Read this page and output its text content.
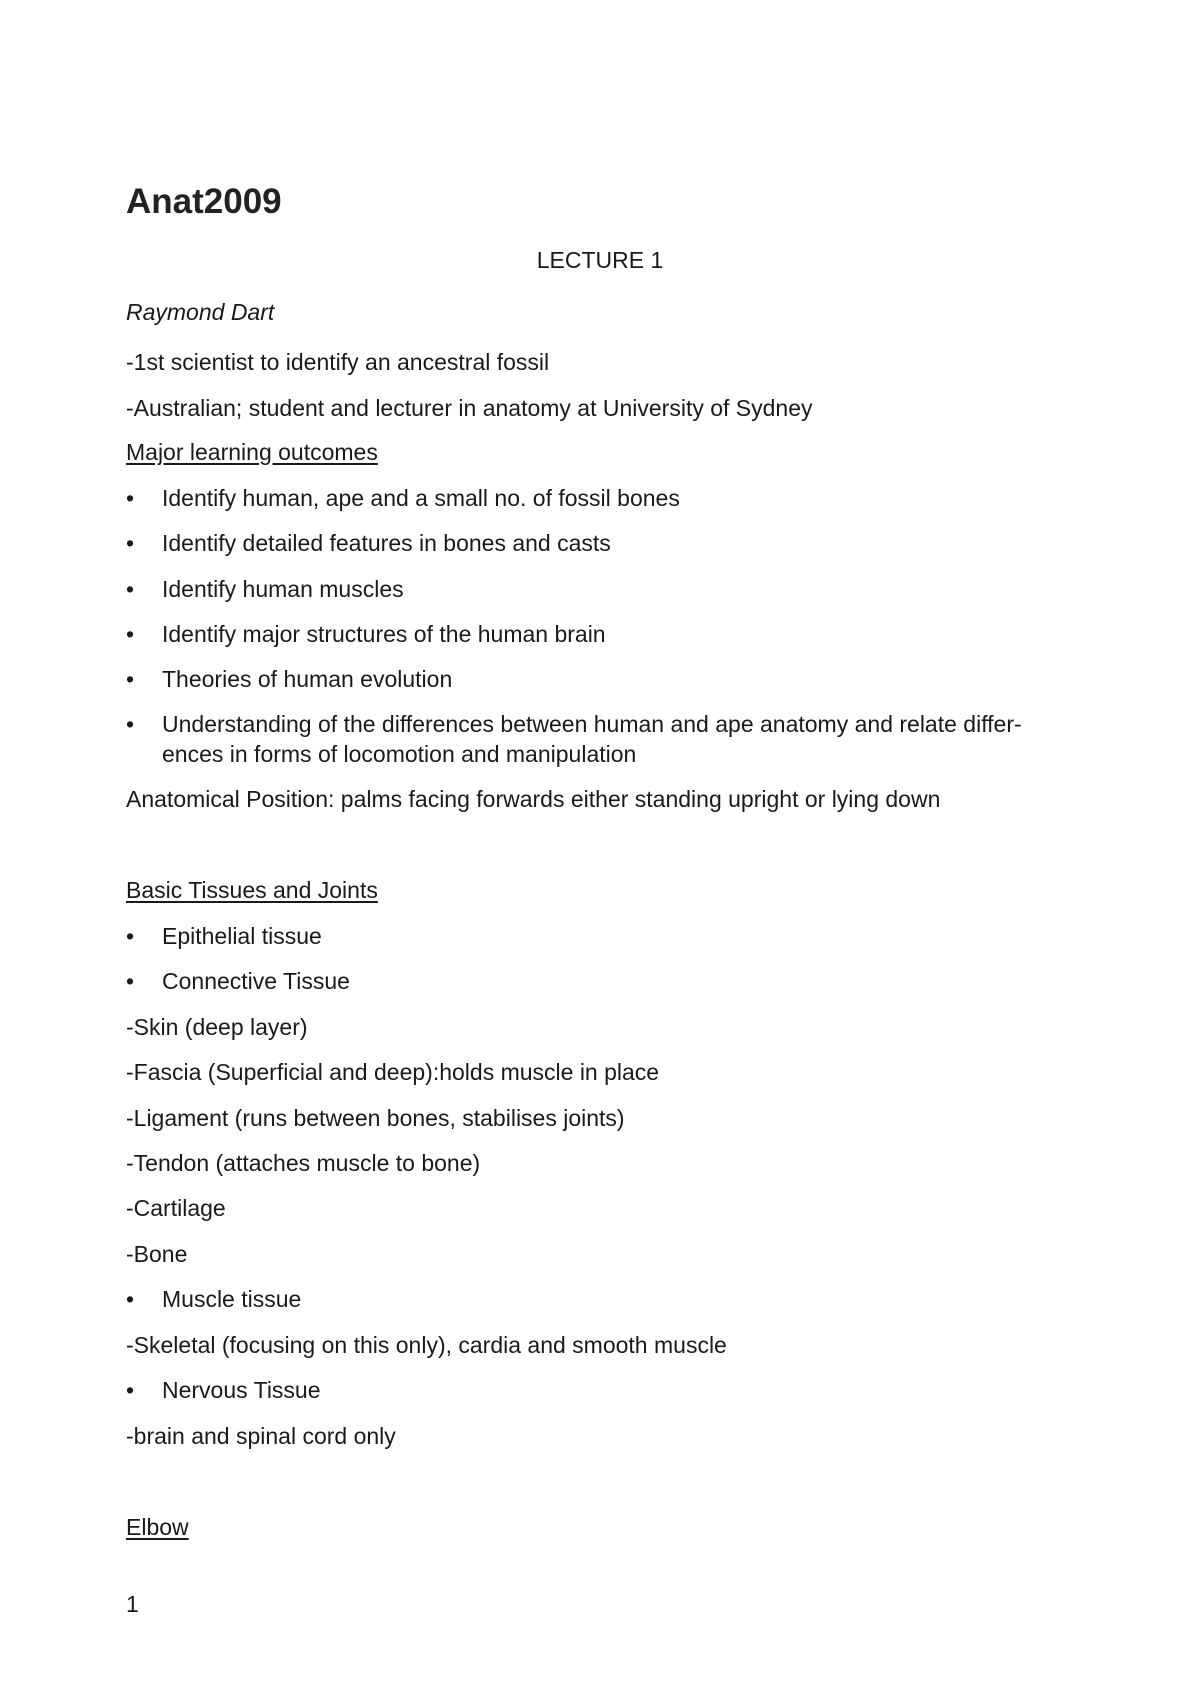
Anat2009
LECTURE 1
Raymond Dart
-1st scientist to identify an ancestral fossil
-Australian; student and lecturer in anatomy at University of Sydney
Major learning outcomes
•	Identify human, ape and a small no. of fossil bones
•	Identify detailed features in bones and casts
•	Identify human muscles
•	Identify major structures of the human brain
•	Theories of human evolution
•	Understanding of the differences between human and ape anatomy and relate differ- ences in forms of locomotion and manipulation
Anatomical Position: palms facing forwards either standing upright or lying down
Basic Tissues and Joints
•	Epithelial tissue
•	Connective Tissue
-Skin (deep layer)
-Fascia (Superficial and deep):holds muscle in place
-Ligament (runs between bones, stabilises joints)
-Tendon (attaches muscle to bone)
-Cartilage
-Bone
•	Muscle tissue
-Skeletal (focusing on this only), cardia and smooth muscle
•	Nervous Tissue
-brain and spinal cord only
Elbow
1
